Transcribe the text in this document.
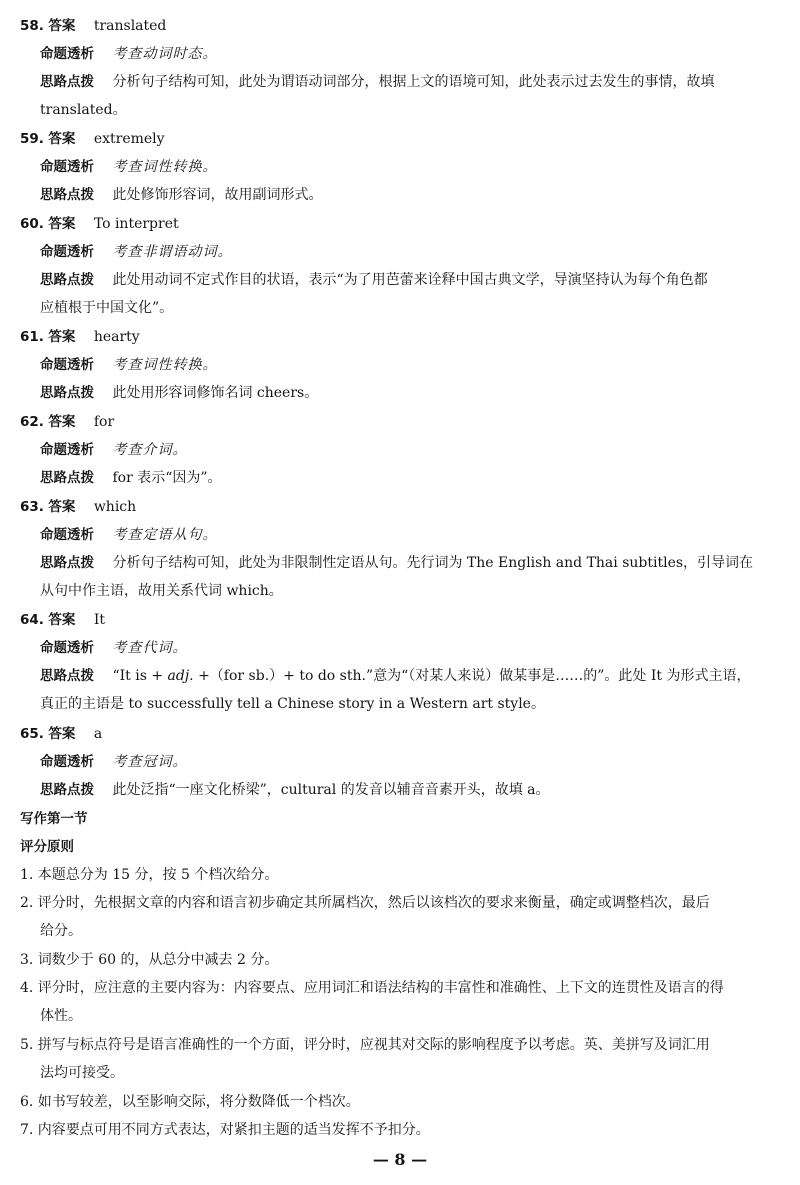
58. 答案 translated
命题透析 考查动词时态。
思路点拨 分析句子结构可知，此处为谓语动词部分，根据上文的语境可知，此处表示过去发生的事情，故填
translated。
59. 答案 extremely
命题透析 考查词性转换。
思路点拨 此处修饰形容词，故用副词形式。
60. 答案 To interpret
命题透析 考查非谓语动词。
思路点拨 此处用动词不定式作目的状语，表示“为了用芭蕾来诠释中国古典文学，导演坚持认为每个角色都
应植根于中国文化”。
61. 答案 hearty
命题透析 考查词性转换。
思路点拨 此处用形容词修饰名词 cheers。
62. 答案 for
命题透析 考查介词。
思路点拨 for 表示“因为”。
63. 答案 which
命题透析 考查定语从句。
思路点拨 分析句子结构可知，此处为非限制性定语从句。先行词为 The English and Thai subtitles，引导词在
从句中作主语，故用关系代词 which。
64. 答案 It
命题透析 考查代词。
思路点拨 “It is + adj. +（for sb.）+ to do sth.”意为“（对某人来说）做某事是……的”。此处 It 为形式主语，
真正的主语是 to successfully tell a Chinese story in a Western art style。
65. 答案 a
命题透析 考查冠词。
思路点拨 此处泛指“一座文化桥梁”，cultural 的发音以辅音音素开头，故填 a。
写作第一节
评分原则
1. 本题总分为 15 分，按 5 个档次给分。
2. 评分时，先根据文章的内容和语言初步确定其所属档次，然后以该档次的要求来衡量，确定或调整档次，最后
给分。
3. 词数少于 60 的，从总分中减去 2 分。
4. 评分时，应注意的主要内容为：内容要点、应用词汇和语法结构的丰富性和准确性、上下文的连贯性及语言的得
体性。
5. 拼写与标点符号是语言准确性的一个方面，评分时，应视其对交际的影响程度予以考虑。英、美拼写及词汇用
法均可接受。
6. 如书写较差，以至影响交际，将分数降低一个档次。
7. 内容要点可用不同方式表达，对紧扣主题的适当发挥不予扣分。
— 8 —
